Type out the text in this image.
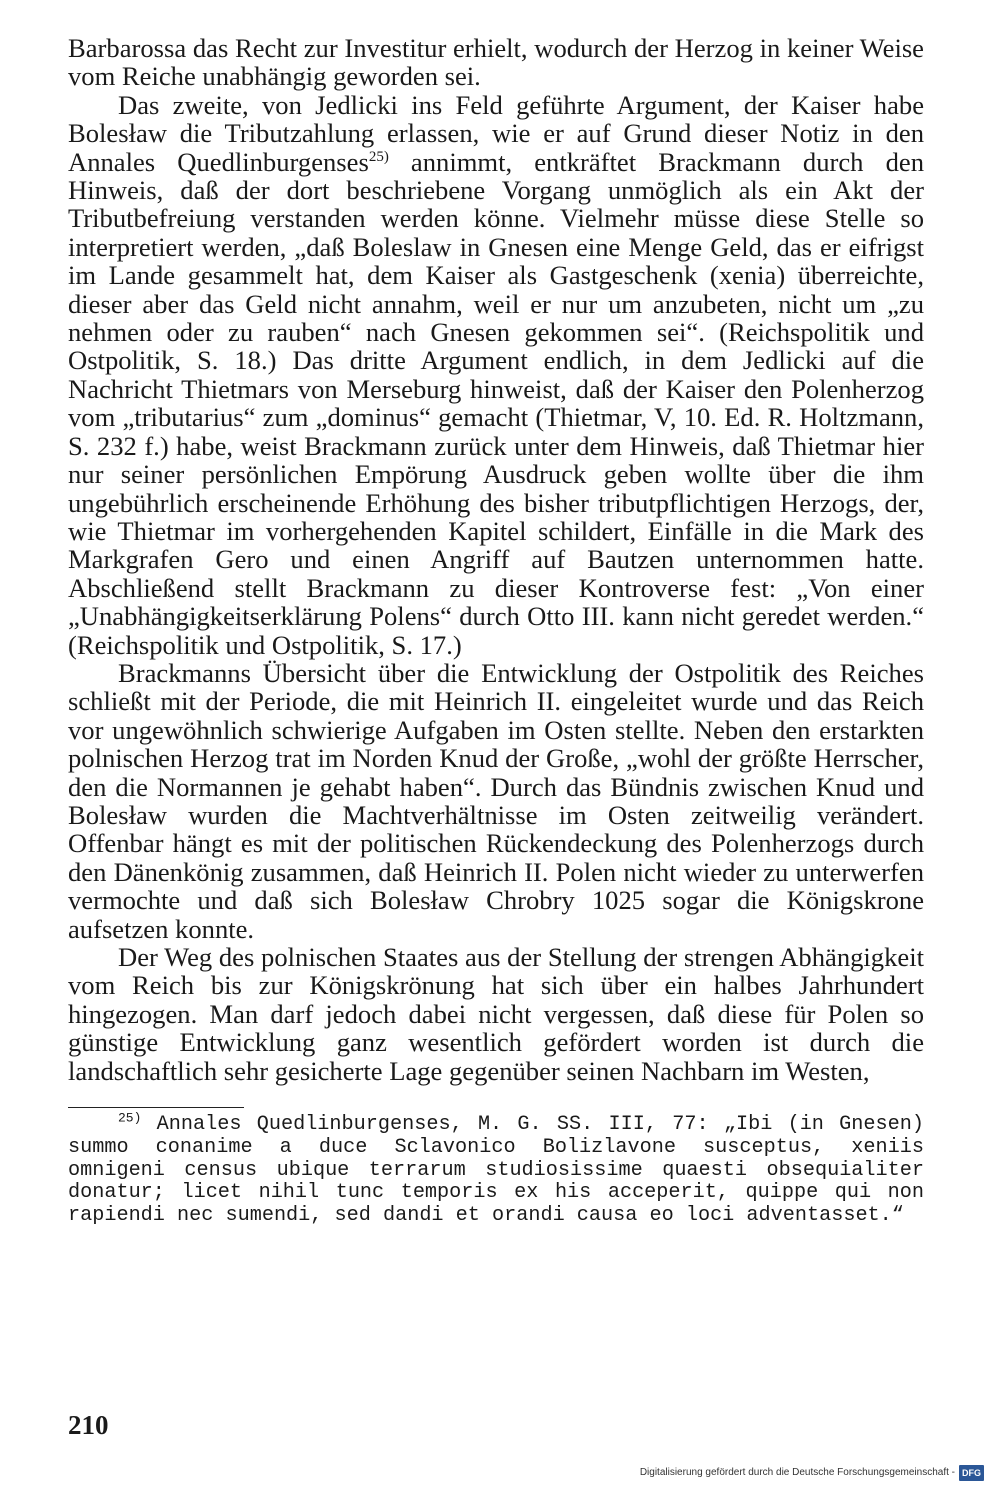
Barbarossa das Recht zur Investitur erhielt, wodurch der Herzog in keiner Weise vom Reiche unabhängig geworden sei.

Das zweite, von Jedlicki ins Feld geführte Argument, der Kaiser habe Bolesław die Tributzahlung erlassen, wie er auf Grund dieser Notiz in den Annales Quedlinburgenses$^{25)}$ annimmt, entkräftet Brackmann durch den Hinweis, daß der dort beschriebene Vorgang unmöglich als ein Akt der Tributbefreiung verstanden werden könne. Vielmehr müsse diese Stelle so interpretiert werden, „daß Boleslaw in Gnesen eine Menge Geld, das er eifrigst im Lande gesammelt hat, dem Kaiser als Gastgeschenk (xenia) überreichte, dieser aber das Geld nicht annahm, weil er nur um anzubeten, nicht um „zu nehmen oder zu rauben“ nach Gnesen gekommen sei“. (Reichspolitik und Ostpolitik, S. 18.) Das dritte Argument endlich, in dem Jedlicki auf die Nachricht Thietmars von Merseburg hinweist, daß der Kaiser den Polenherzog vom „tributarius“ zum „dominus“ gemacht (Thietmar, V, 10. Ed. R. Holtzmann, S. 232 f.) habe, weist Brackmann zurück unter dem Hinweis, daß Thietmar hier nur seiner persönlichen Empörung Ausdruck geben wollte über die ihm ungebührlich erscheinende Erhöhung des bisher tributpflichtigen Herzogs, der, wie Thietmar im vorhergehenden Kapitel schildert, Einfälle in die Mark des Markgrafen Gero und einen Angriff auf Bautzen unternommen hatte. Abschließend stellt Brackmann zu dieser Kontroverse fest: „Von einer „Unabhängigkeitserklärung Polens“ durch Otto III. kann nicht geredet werden.“ (Reichspolitik und Ostpolitik, S. 17.)

Brackmanns Übersicht über die Entwicklung der Ostpolitik des Reiches schließt mit der Periode, die mit Heinrich II. eingeleitet wurde und das Reich vor ungewöhnlich schwierige Aufgaben im Osten stellte. Neben den erstarkten polnischen Herzog trat im Norden Knud der Große, „wohl der größte Herrscher, den die Normannen je gehabt haben“. Durch das Bündnis zwischen Knud und Bolesław wurden die Machtverhältnisse im Osten zeitweilig verändert. Offenbar hängt es mit der politischen Rückendeckung des Polenherzogs durch den Dänenkönig zusammen, daß Heinrich II. Polen nicht wieder zu unterwerfen vermochte und daß sich Bolesław Chrobry 1025 sogar die Königskrone aufsetzen konnte.

Der Weg des polnischen Staates aus der Stellung der strengen Abhängigkeit vom Reich bis zur Königskrönung hat sich über ein halbes Jahrhundert hingezogen. Man darf jedoch dabei nicht vergessen, daß diese für Polen so günstige Entwicklung ganz wesentlich gefördert worden ist durch die landschaftlich sehr gesicherte Lage gegenüber seinen Nachbarn im Westen,

$^{25)}$ Annales Quedlinburgenses, M. G. SS. III, 77: „Ibi (in Gnesen) summo conanime a duce Sclavonico Bolizlavone susceptus, xeniis omnigeni census ubique terrarum studiosissime quaesti obsequialiter donatur; licet nihil tunc temporis ex his acceperit, quippe qui non rapiendi nec sumendi, sed dandi et orandi causa eo loci adventasset.“

210
Digitalisierung gefördert durch die Deutsche Forschungsgemeinschaft - DFG
